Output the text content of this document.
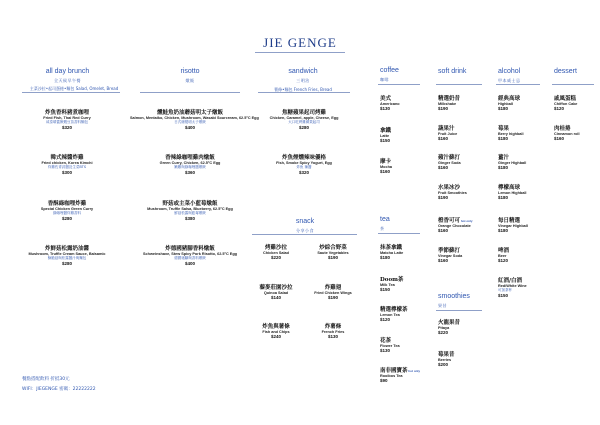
JIE GENGE
all day brunch
全天候早午餐
主菜沙拉•起司蛋捲•麵包 Salad, Omelet, Bread
炸魚香料豬煮咖哩
Fried Fish, Thai Red Curry
咸泰晴蓋飯蝦豆苗香料麵包
$320
韓式辣醬炸雞
Fried chicken, Korea Kimchi
炸雞佐青蒜醬及生菜BTS
$300
香酥綠咖哩炸雞
Special Chicken Green Curry
綠咖哩醬炸雞香料
$280
炸鮮菇松露奶油醬
Mushroom, Truffle Cream Sauce, Balsamic
酥脆菇與松露醬汁與麵包
$280
risotto
燉飯
燻鮭魚奶油蘑菇明太子燉飯
Salmon, Mentaiko, Chicken, Mushroom, Wasabi Sourcream, 62.5°C Egg
日式燻製明太子燉飯
$400
香辣綠咖哩雞肉燉飯
Green Curry, Chicken, 62.5°C Egg
嫩雞與綠咖哩醬燉飯
$360
野菇或主菜小藍莓燉飯
Mushroom, Truffle Salsa, Blueberry, 62.5°C Egg
鮮菇松露與藍莓燉飯
$380
炸德國豬腳香料燉飯
Schweinshaxe, Stew Spicy Pork Risotto, 62.5°C Egg
德國豬腳與香料燉飯
$400
sandwich
三明治
薯條•麵包 French Fries, Bread
焦糖蘋果起司烤雞
Chicken, Caramel, apple, Cheese, Egg
大口吃烤雞蘋果起司
$280
炸魚煙燻辣味優格
Fish, Smoke Spicy Yogurt, Egg
炸魚 辣醬
$320
snack
分享小食
烤雞沙拉
Chicken Salad
$220
炒綜合野菜
Saute Vegetables
$190
藜麥莊園沙拉
Quinoa Salad
$140
炸雞翅
Fried Chicken Wings
$190
炸魚與薯條
Fish and Chips
$240
炸薯條
French Fries
$130
coffee
咖啡
美式
Americano
$130
拿鐵
Latte
$150
摩卡
Mocha
$160
tea
茶
抹茶拿鐵
Matcha Latte
$180
Doom茶
Milk Tea
$150
精選檸檬茶
Lemon Tea
$120
花茶
Flower Tea
$130
南非國寶茶 hot only
Rooibos Tea
$90
soft drink
精選奶昔
Milkshake
$190
蔬果汁
Fruit Juice
$160
蘋汁蘇打
Ginger Soda
$160
水果冰沙
Fruit Smoothies
$190
橙香可可 hot only
Orange Chocolate
$160
季節蘇打
Vinegar Soda
$160
smoothies
果昔
火龍果昔
Pitaya
$220
莓果昔
Berries
$200
alcohol
甲本威士忌
經典高球
Highball
$180
莓果
Berry highball
$180
薑汁
Ginger Highball
$180
檸檬高球
Lemon Highball
$180
每日精選
Vinegar Highball
$180
啤酒
Beer
$120
紅酒/白酒
Red/White Wine
可加茶杯
$150
dessert
戚風蛋糕
Chiffon Cake
$120
肉桂捲
Cinnamon roll
$160
餐點搭配飲料 折抵30元
WIFI：JIEGENGE 密碼：22222222
